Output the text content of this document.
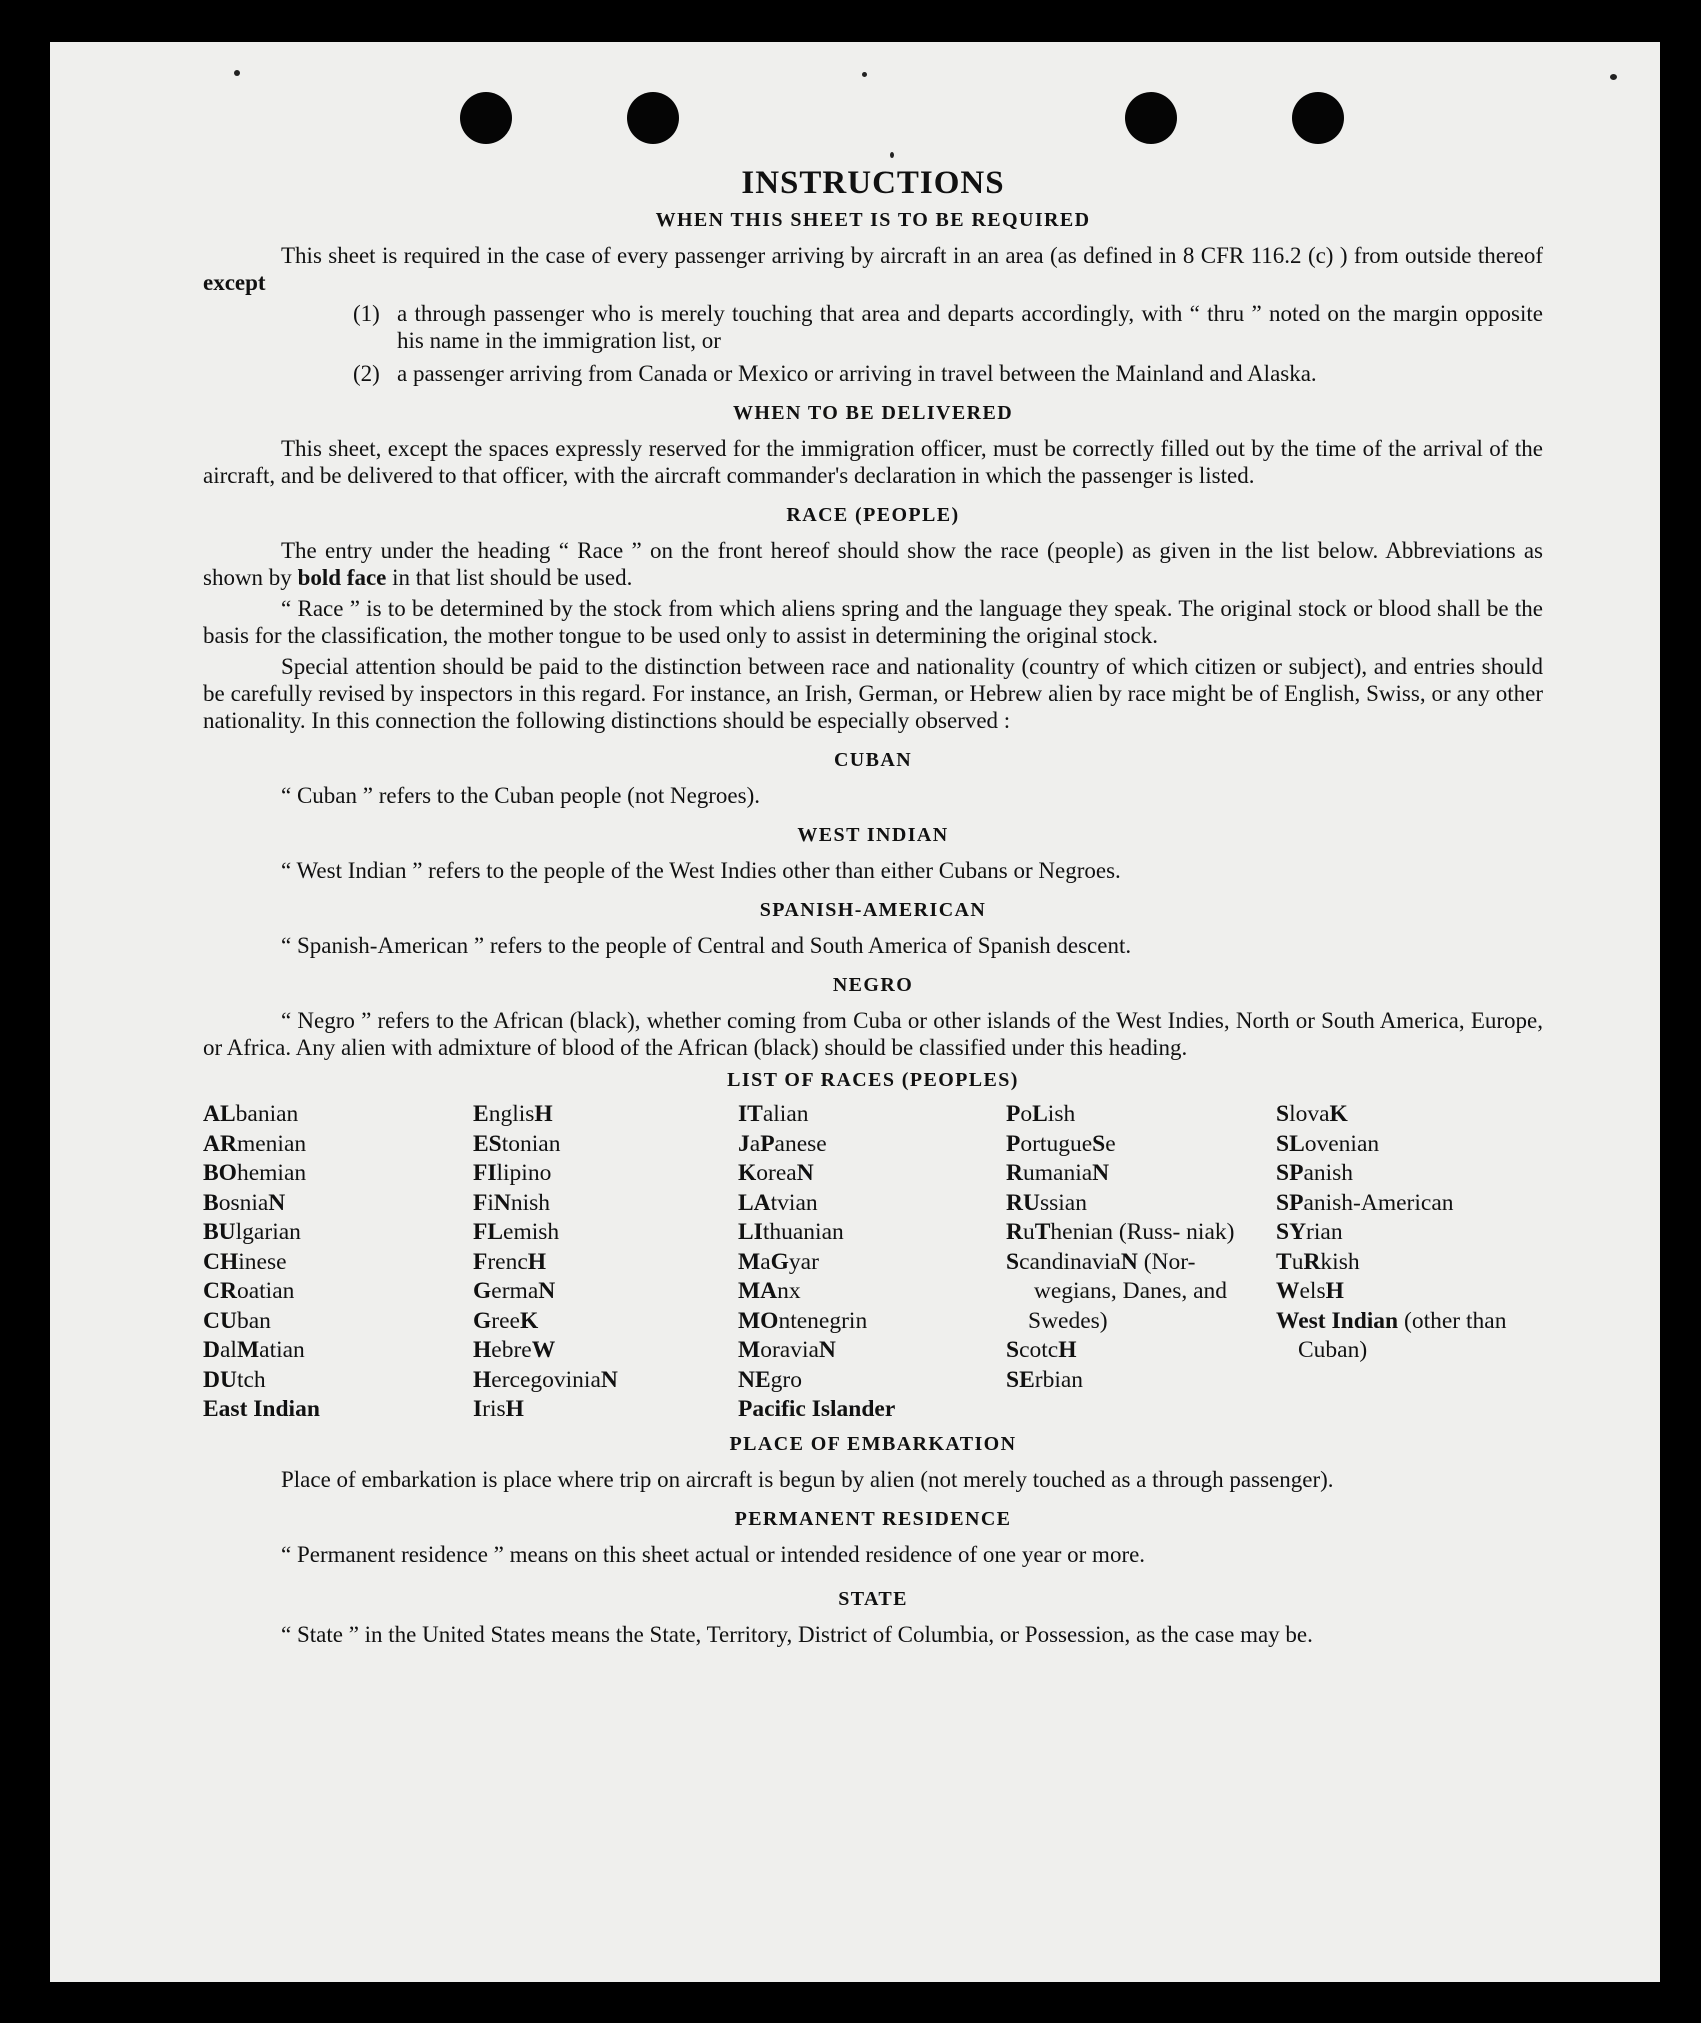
INSTRUCTIONS
WHEN THIS SHEET IS TO BE REQUIRED

This sheet is required in the case of every passenger arriving by aircraft in an area (as defined in 8 CFR 116.2 (c) ) from outside thereof except

(1) a through passenger who is merely touching that area and departs accordingly, with “ thru ” noted on the margin opposite his name in the immigration list, or
(2) a passenger arriving from Canada or Mexico or arriving in travel between the Mainland and Alaska.
WHEN TO BE DELIVERED

This sheet, except the spaces expressly reserved for the immigration officer, must be correctly filled out by the time of the arrival of the aircraft, and be delivered to that officer, with the aircraft commander's declaration in which the passenger is listed.

RACE (PEOPLE)

The entry under the heading “ Race ” on the front hereof should show the race (people) as given in the list below. Abbreviations as shown by bold face in that list should be used.

“ Race ” is to be determined by the stock from which aliens spring and the language they speak. The original stock or blood shall be the basis for the classification, the mother tongue to be used only to assist in determining the original stock.

Special attention should be paid to the distinction between race and nationality (country of which citizen or subject), and entries should be carefully revised by inspectors in this regard. For instance, an Irish, German, or Hebrew alien by race might be of English, Swiss, or any other nationality. In this connection the following distinctions should be especially observed :

CUBAN

“ Cuban ” refers to the Cuban people (not Negroes).

WEST INDIAN

“ West Indian ” refers to the people of the West Indies other than either Cubans or Negroes.

SPANISH-AMERICAN

“ Spanish-American ” refers to the people of Central and South America of Spanish descent.

NEGRO

“ Negro ” refers to the African (black), whether coming from Cuba or other islands of the West Indies, North or South America, Europe, or Africa. Any alien with admixture of blood of the African (black) should be classified under this heading.

LIST OF RACES (PEOPLES)
ALbanian
ARmenian
BOhemian
BosniaN
BUlgarian
CHinese
CRoatian
CUban
DalMatian
DUtch
East Indian
EnglisH
EStonian
FIlipino
FiNnish
FLemish
FrencH
GermaN
GreeK
HebreW
HercegoviniaN
IrisH
ITalian
JaPanese
KoreaN
LAtvian
LIthuanian
MaGyar
MAnx
MOntenegrin
MoraviaN
NEgro
Pacific Islander
PoLish
PortugueSe
RumaniaN
RUssian
RuThenian (Russ- niak)
ScandinaviaN (Nor- wegians, Danes, and Swedes)
ScotcH
SErbian
SlovaK
SLovenian
SPanish
SPanish-American
SYrian
TuRkish
WelsH
West Indian (other than Cuban)
PLACE OF EMBARKATION

Place of embarkation is place where trip on aircraft is begun by alien (not merely touched as a through passenger).

PERMANENT RESIDENCE

“ Permanent residence ” means on this sheet actual or intended residence of one year or more.

STATE

“ State ” in the United States means the State, Territory, District of Columbia, or Possession, as the case may be.
